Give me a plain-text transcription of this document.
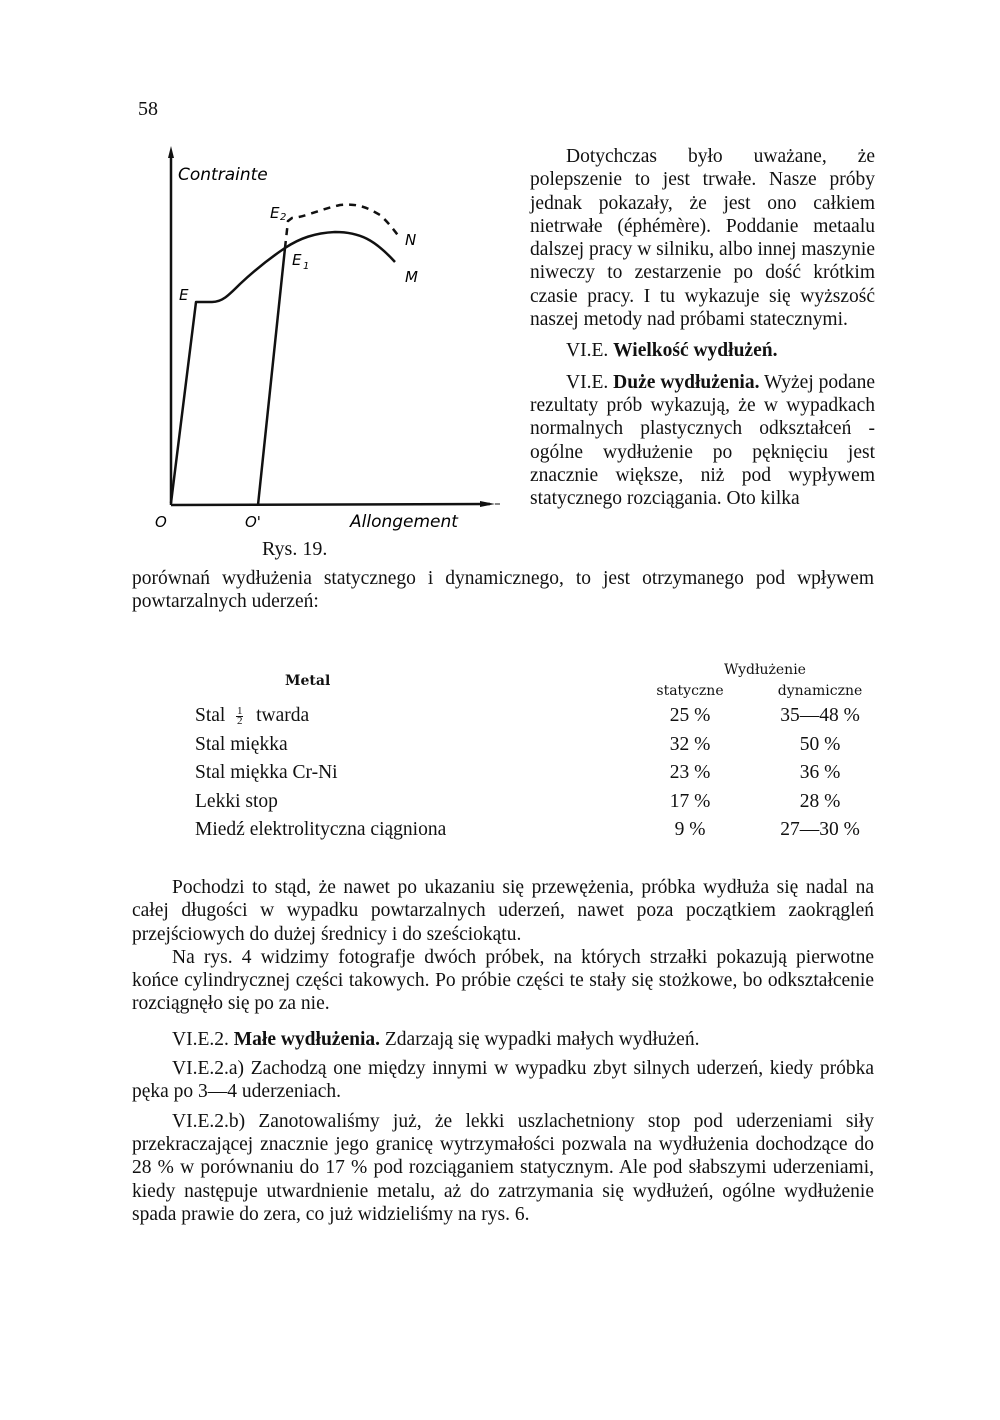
58
Contrainte
Allongement
O	O'
E
E 1
E 2
N
M
Rys. 19.

Dotychczas było uważane, że polepszenie to jest trwałe. Nasze próby jednak pokazały, że jest ono całkiem nietrwałe (éphémère). Poddanie metaalu dalszej pracy w silniku, albo innej maszynie niweczy to zestarzenie po dość krótkim czasie pracy. I tu wykazuje się wyższość naszej metody nad próbami statecznymi.

VI.E. Wielkość wydłużeń.

VI.E. Duże wydłużenia. Wyżej podane rezultaty prób wykazują, że w wypadkach normalnych plastycznych odkształceń -ogólne wydłużenie po pęknięciu jest znacznie większe, niż pod wypływem statycznego rozciągania. Oto kilka

porównań wydłużenia statycznego i dynamicznego, to jest otrzymanego pod wpływem powtarzalnych uderzeń:
Metal	Wydłużenie	
	statyczne	dynamiczne
Stal $\frac{1}{2}$ twarda	25 %	35—48 %
Stal miękka	32 %	50 %
Stal miękka Cr-Ni	23 %	36 %
Lekki stop	17 %	28 %
Miedź elektrolityczna ciągniona	9 %	27—30 %

Pochodzi to stąd, że nawet po ukazaniu się przewężenia, próbka wydłuża się nadal na całej długości w wypadku powtarzalnych uderzeń, nawet poza początkiem zaokrągleń przejściowych do dużej średnicy i do sześciokątu.

Na rys. 4 widzimy fotografje dwóch próbek, na których strzałki pokazują pierwotne końce cylindrycznej części takowych. Po próbie części te stały się stożkowe, bo odkształcenie rozciągnęło się po za nie.

VI.E.2. Małe wydłużenia. Zdarzają się wypadki małych wydłużeń.

VI.E.2.a) Zachodzą one między innymi w wypadku zbyt silnych uderzeń, kiedy próbka pęka po 3—4 uderzeniach.

VI.E.2.b) Zanotowaliśmy już, że lekki uszlachetniony stop pod uderzeniami siły przekraczającej znacznie jego granicę wytrzymałości pozwala na wydłużenia dochodzące do 28 % w porównaniu do 17 % pod rozciąganiem statycznym. Ale pod słabszymi uderzeniami, kiedy następuje utwardnienie metalu, aż do zatrzymania się wydłużeń, ogólne wydłużenie spada prawie do zera, co już widzieliśmy na rys. 6.
